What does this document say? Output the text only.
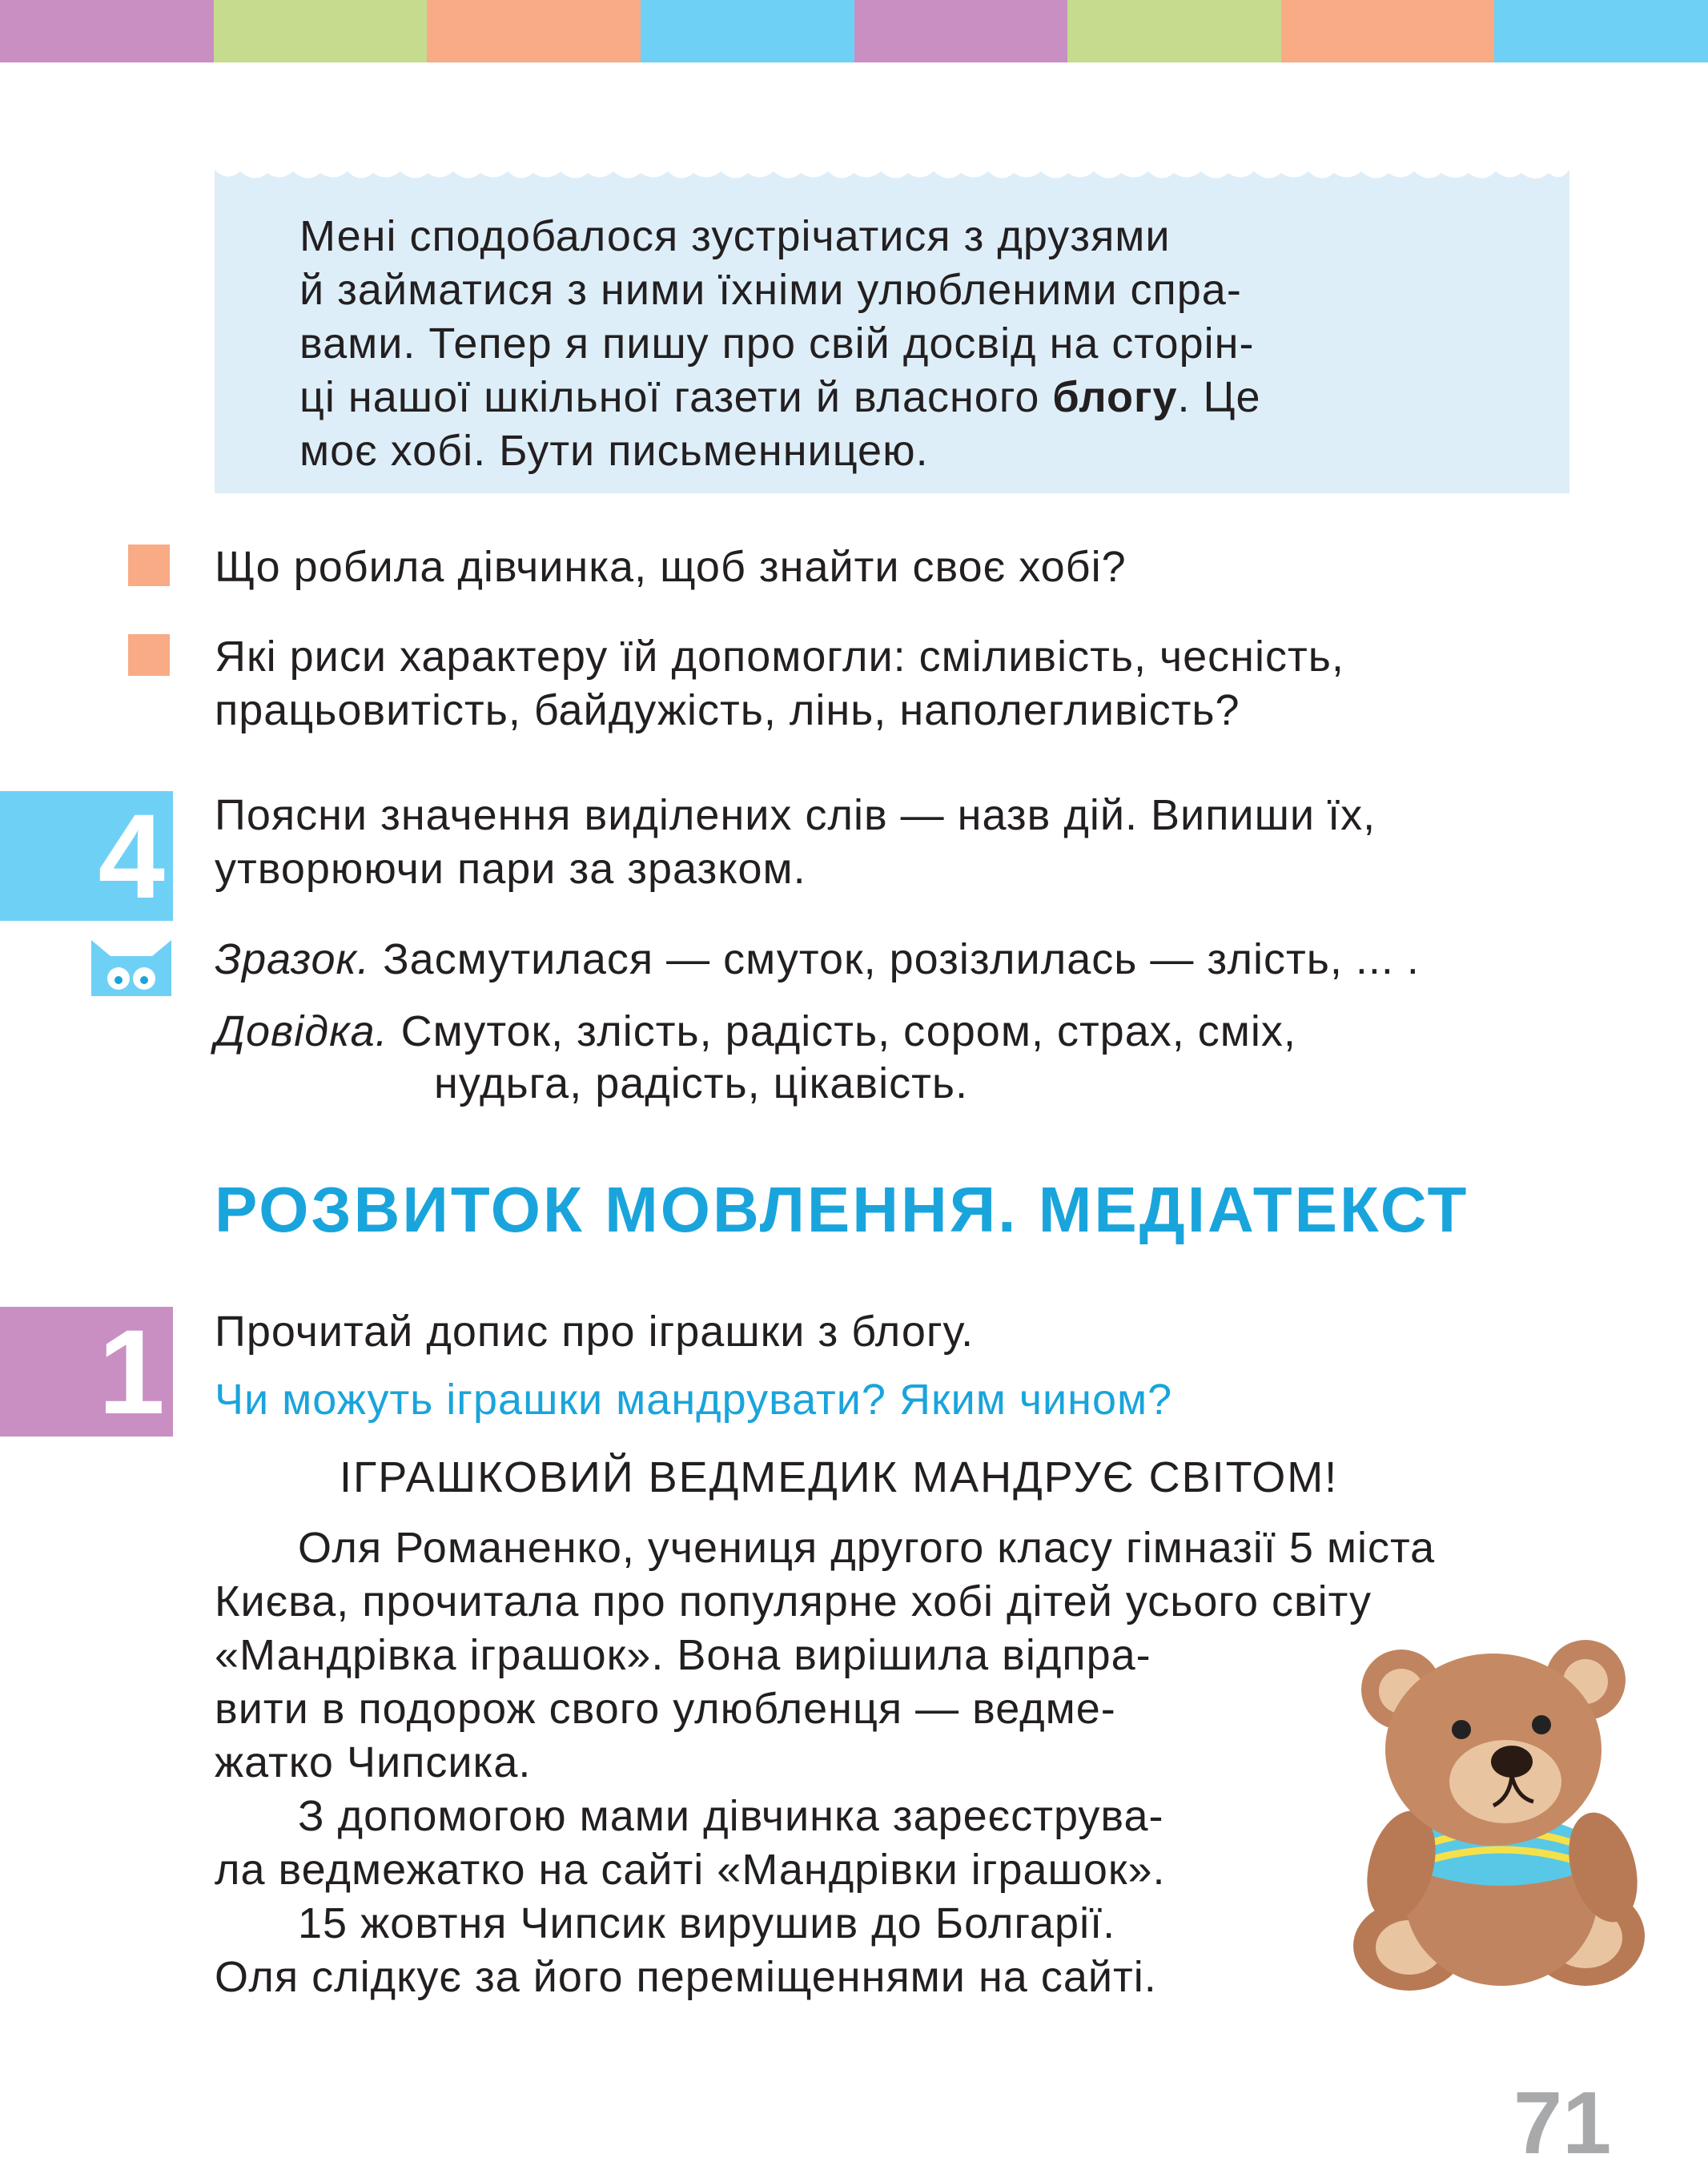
Мені сподобалося зустрічатися з друзями
й займатися з ними їхніми улюбленими спра-
вами. Тепер я пишу про свій досвід на сторін-
ці нашої шкільної газети й власного блогу. Це
моє хобі. Бути письменницею.
Що робила дівчинка, щоб знайти своє хобі?
Які риси характеру їй допомогли: сміливість, чесність,
працьовитість, байдужість, лінь, наполегливість?
4 Поясни значення виділених слів — назв дій. Випиши їх,
утворюючи пари за зразком.
Зразок. Засмутилася — смуток, розізлилась — злість, ... .
Довідка. Смуток, злість, радість, сором, страх, сміх,
нудьга, радість, цікавість.
РОЗВИТОК МОВЛЕННЯ. МЕДІАТЕКСТ
1 Прочитай допис про іграшки з блогу.
Чи можуть іграшки мандрувати? Яким чином?
ІГРАШКОВИЙ ВЕДМЕДИК МАНДРУЄ СВІТОМ!

Оля Романенко, учениця другого класу гімназії 5 міста
Києва, прочитала про популярне хобі дітей усього світу
«Мандрівка іграшок». Вона вирішила відпра-
вити в подорож свого улюбленця — ведме-
жатко Чипсика.

З допомогою мами дівчинка зареєструва-
ла ведмежатко на сайті «Мандрівки іграшок».

15 жовтня Чипсик вирушив до Болгарії.
Оля слідкує за його переміщеннями на сайті.

71
